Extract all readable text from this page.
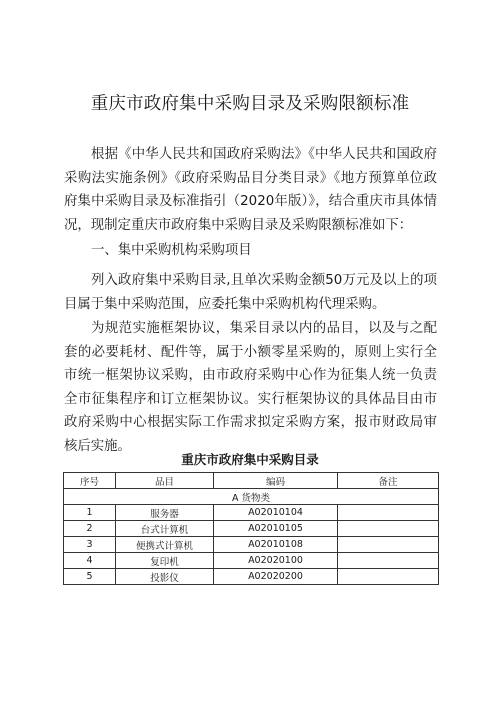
重庆市政府集中采购目录及采购限额标准

根据《中华人民共和国政府采购法》《中华人民共和国政府采购法实施条例》《政府采购品目分类目录》《地方预算单位政府集中采购目录及标准指引（2020年版）》，结合重庆市具体情况，现制定重庆市政府集中采购目录及采购限额标准如下：

一、集中采购机构采购项目

列入政府集中采购目录,且单次采购金额50万元及以上的项目属于集中采购范围，应委托集中采购机构代理采购。

为规范实施框架协议，集采目录以内的品目，以及与之配套的必要耗材、配件等，属于小额零星采购的，原则上实行全市统一框架协议采购，由市政府采购中心作为征集人统一负责全市征集程序和订立框架协议。实行框架协议的具体品目由市政府采购中心根据实际工作需求拟定采购方案，报市财政局审核后实施。

重庆市政府集中采购目录
序号	品目	编码	备注
A 货物类			
1	服务器	A02010104	
2	台式计算机	A02010105	
3	便携式计算机	A02010108	
4	复印机	A02020100	
5	投影仪	A02020200	
